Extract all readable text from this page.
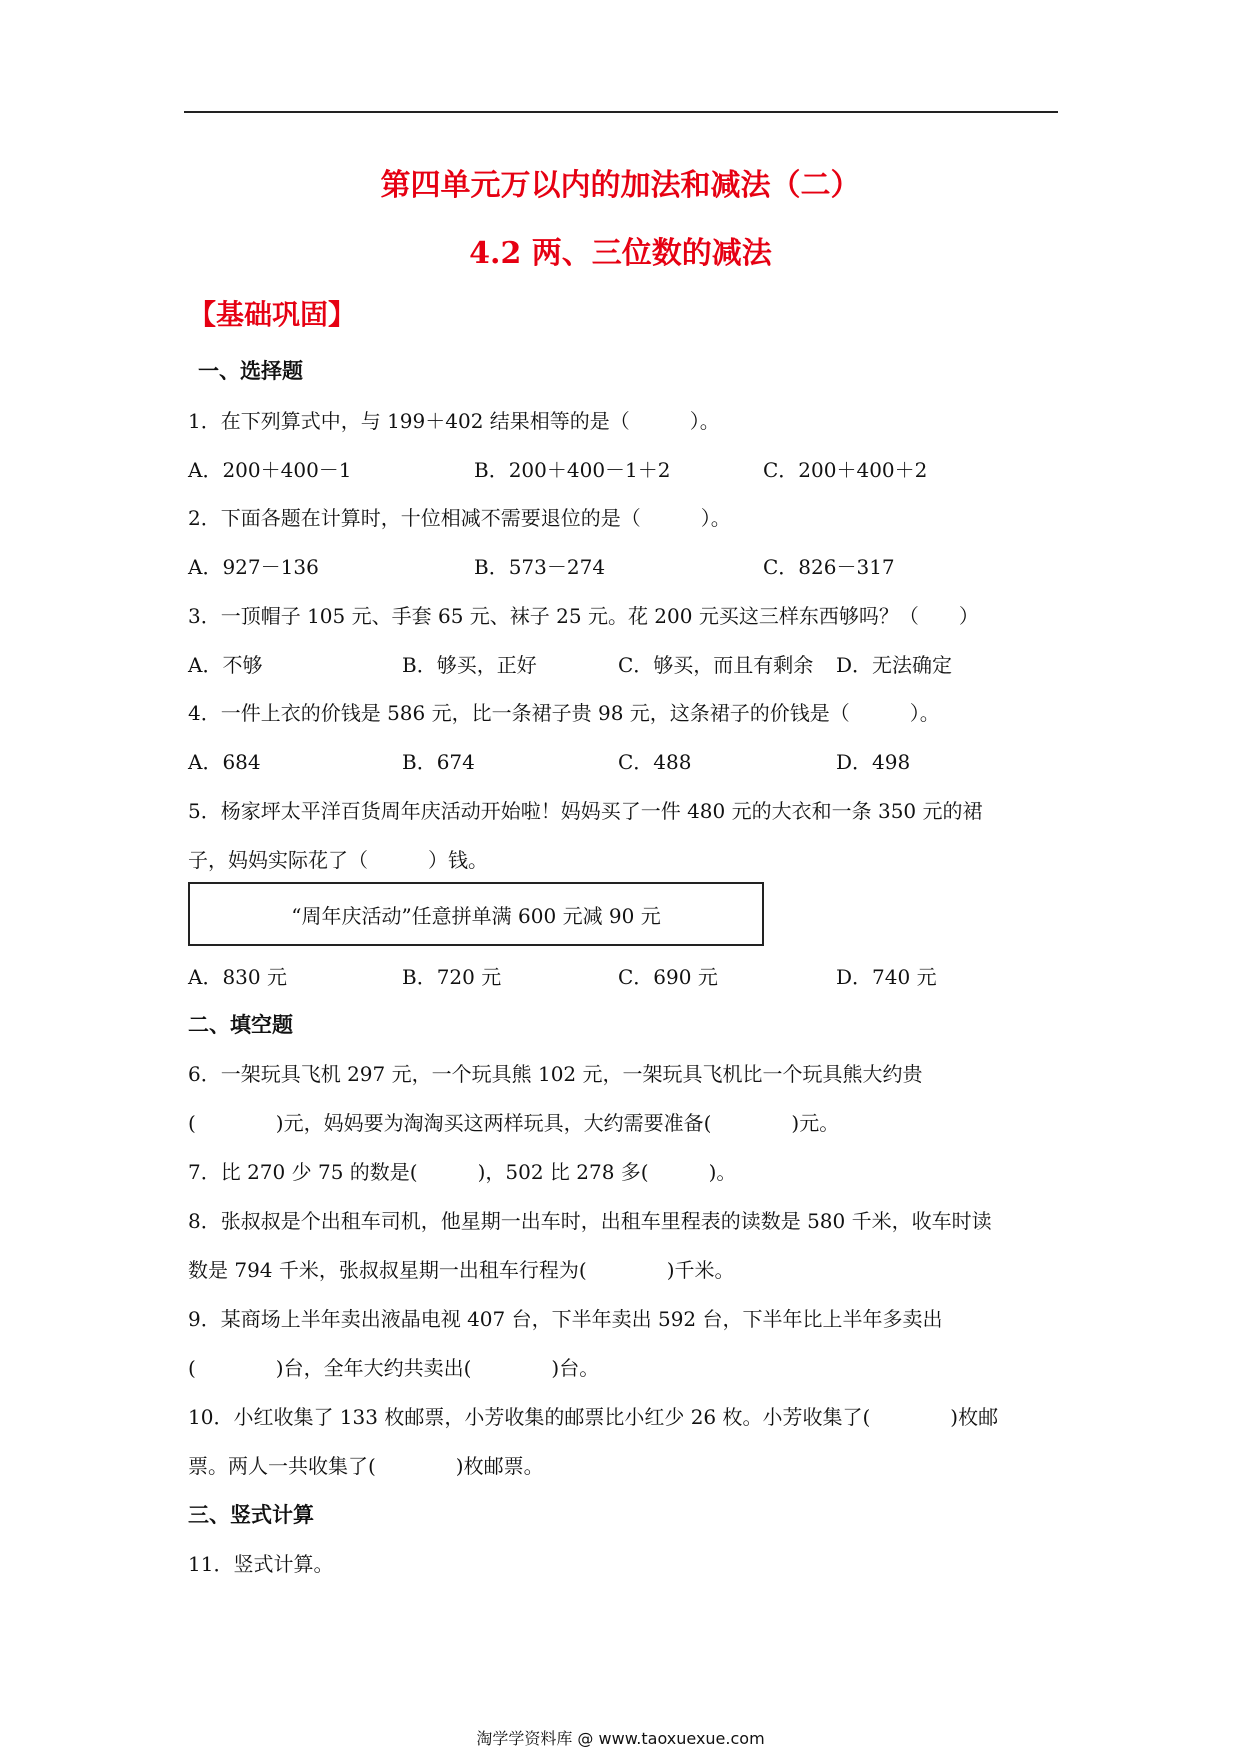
第四单元万以内的加法和减法（二）
4.2 两、三位数的减法
【基础巩固】
一、选择题
1．在下列算式中，与 199＋402 结果相等的是（　　　）。
A．200＋400－1	B．200＋400－1＋2	C．200＋400＋2
2．下面各题在计算时，十位相减不需要退位的是（　　　）。
A．927－136	B．573－274	C．826－317
3．一顶帽子 105 元、手套 65 元、袜子 25 元。花 200 元买这三样东西够吗？（　　）
A．不够	B．够买，正好	C．够买，而且有剩余 D．无法确定
4．一件上衣的价钱是 586 元，比一条裙子贵 98 元，这条裙子的价钱是（　　　）。
A．684	B．674	C．488	D．498
5．杨家坪太平洋百货周年庆活动开始啦！妈妈买了一件 480 元的大衣和一条 350 元的裙
子，妈妈实际花了（　　　）钱。
“周年庆活动”任意拼单满 600 元减 90 元
A．830 元	B．720 元	C．690 元	D．740 元
二、填空题
6．一架玩具飞机 297 元，一个玩具熊 102 元，一架玩具飞机比一个玩具熊大约贵
(　　　　)元，妈妈要为淘淘买这两样玩具，大约需要准备(　　　　)元。
7．比 270 少 75 的数是(　　　)，502 比 278 多(　　　)。
8．张叔叔是个出租车司机，他星期一出车时，出租车里程表的读数是 580 千米，收车时读
数是 794 千米，张叔叔星期一出租车行程为(　　　　)千米。
9．某商场上半年卖出液晶电视 407 台，下半年卖出 592 台，下半年比上半年多卖出
(　　　　)台，全年大约共卖出(　　　　)台。
10．小红收集了 133 枚邮票，小芳收集的邮票比小红少 26 枚。小芳收集了(　　　　)枚邮
票。两人一共收集了(　　　　)枚邮票。
三、竖式计算
11．竖式计算。
淘学学资料库 @ www.taoxuexue.com
